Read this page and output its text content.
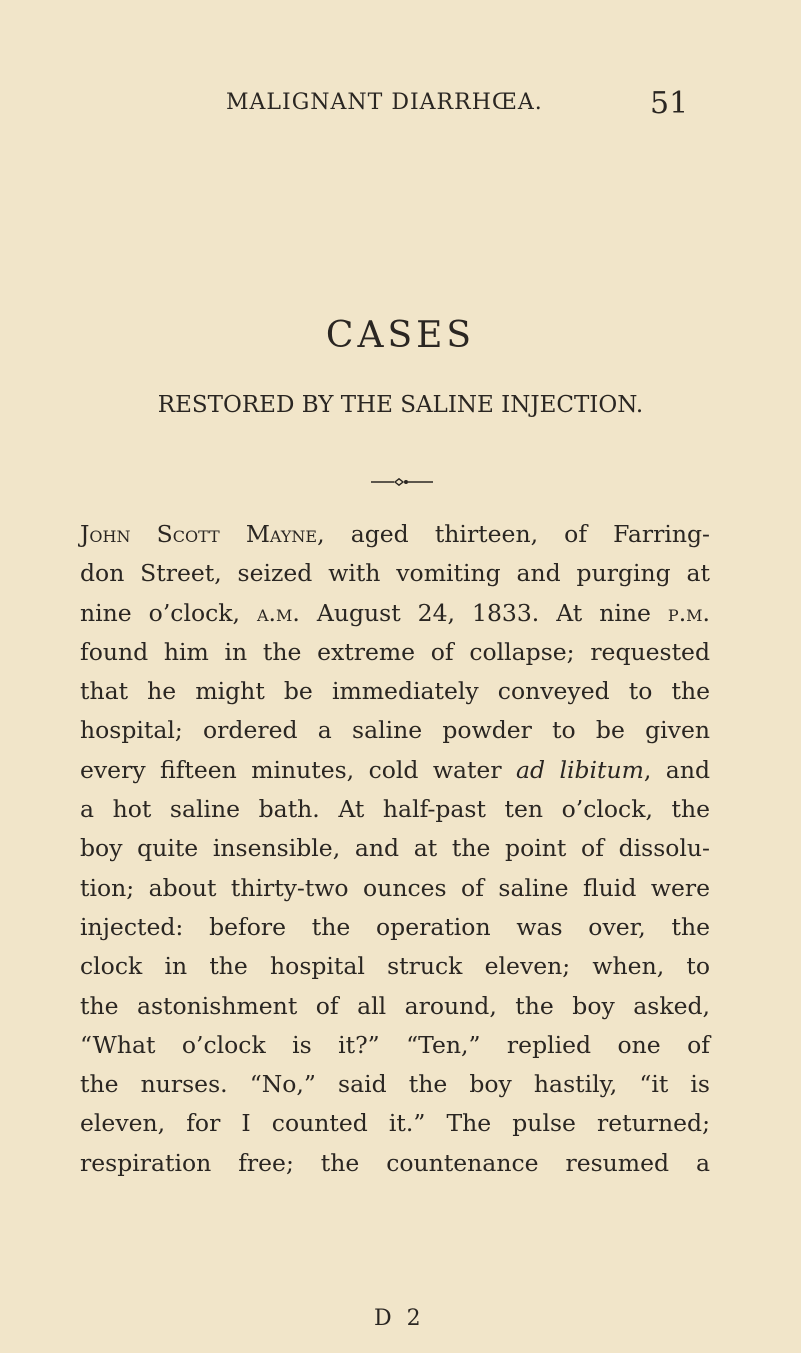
MALIGNANT DIARRHŒA.	51
CASES
RESTORED BY THE SALINE INJECTION.
John Scott Mayne, aged thirteen, of Farring-
don Street, seized with vomiting and purging at
nine o’clock, a.m. August 24, 1833. At nine p.m.
found him in the extreme of collapse; requested
that he might be immediately conveyed to the
hospital; ordered a saline powder to be given
every fifteen minutes, cold water ad libitum, and
a hot saline bath. At half-past ten o’clock, the
boy quite insensible, and at the point of dissolu-
tion; about thirty-two ounces of saline fluid were
injected: before the operation was over, the
clock in the hospital struck eleven; when, to
the astonishment of all around, the boy asked,
“What o’clock is it?” “Ten,” replied one of
the nurses. “No,” said the boy hastily, “it is
eleven, for I counted it.” The pulse returned;
respiration free; the countenance resumed a
D 2
